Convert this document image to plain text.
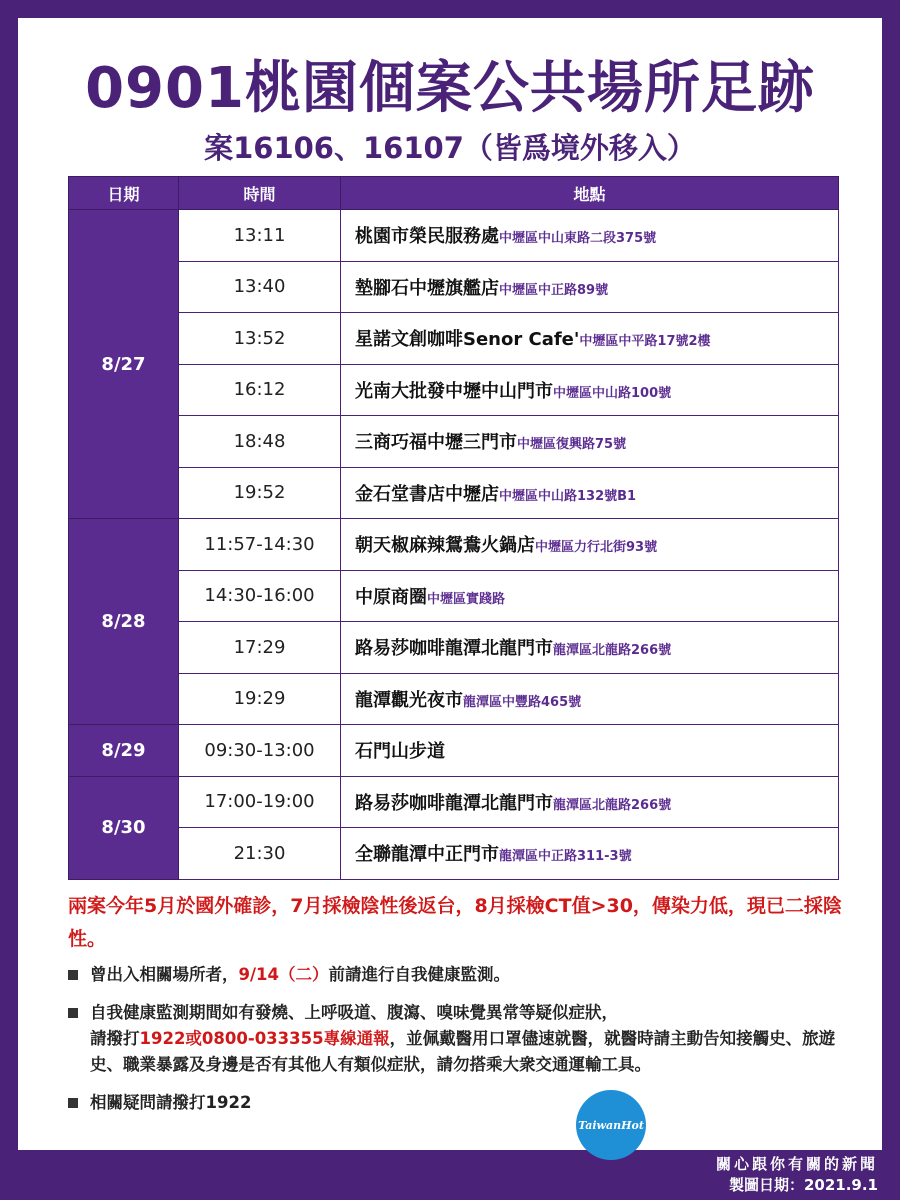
0901桃園個案公共場所足跡
案16106、16107（皆爲境外移入）
日期	時間	地點
8/27	13:11	桃園市榮民服務處中壢區中山東路二段375號
	13:40	墊腳石中壢旗艦店中壢區中正路89號
	13:52	星諾文創咖啡Senor Cafe'中壢區中平路17號2樓
	16:12	光南大批發中壢中山門市中壢區中山路100號
	18:48	三商巧福中壢三門市中壢區復興路75號
	19:52	金石堂書店中壢店中壢區中山路132號B1
8/28	11:57-14:30	朝天椒麻辣鴛鴦火鍋店中壢區力行北街93號
	14:30-16:00	中原商圈中壢區實踐路
	17:29	路易莎咖啡龍潭北龍門市龍潭區北龍路266號
	19:29	龍潭觀光夜市龍潭區中豐路465號
8/29	09:30-13:00	石門山步道
8/30	17:00-19:00	路易莎咖啡龍潭北龍門市龍潭區北龍路266號
	21:30	全聯龍潭中正門市龍潭區中正路311-3號
兩案今年5月於國外確診，7月採檢陰性後返台，8月採檢CT值>30，傳染力低，現已二採陰性。
曾出入相關場所者，9/14（二）前請進行自我健康監測。
自我健康監測期間如有發燒、上呼吸道、腹瀉、嗅味覺異常等疑似症狀，
請撥打1922或0800-033355專線通報，並佩戴醫用口罩儘速就醫，就醫時請主動告知接觸史、旅遊史、職業暴露及身邊是否有其他人有類似症狀，請勿搭乘大衆交通運輸工具。
相關疑問請撥打1922
TaiwanHot
關心跟你有關的新聞
製圖日期：2021.9.1
